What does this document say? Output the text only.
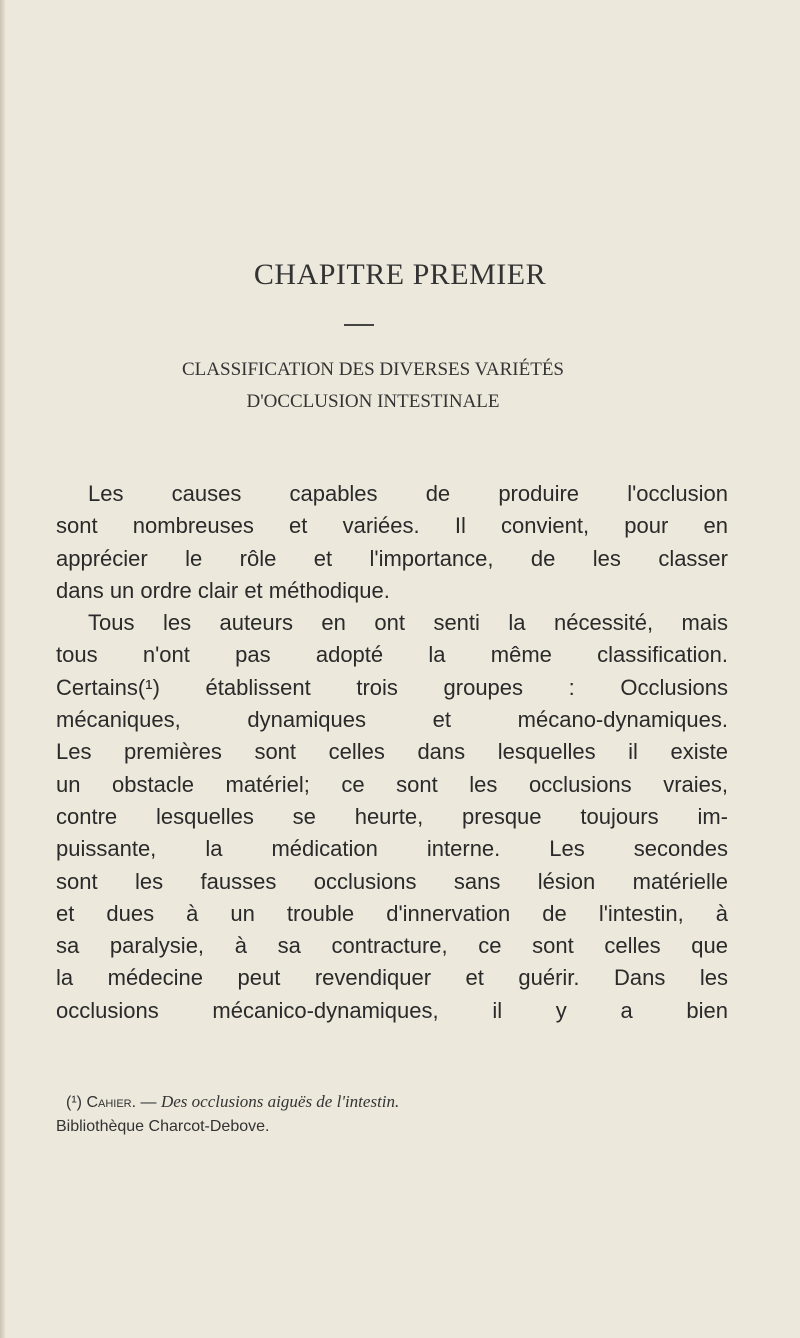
CHAPITRE PREMIER
CLASSIFICATION DES DIVERSES VARIÉTÉS
D'OCCLUSION INTESTINALE
Les causes capables de produire l'occlusion
sont nombreuses et variées. Il convient, pour en
apprécier le rôle et l'importance, de les classer
dans un ordre clair et méthodique.
Tous les auteurs en ont senti la nécessité, mais
tous n'ont pas adopté la même classification.
Certains(¹) établissent trois groupes : Occlusions
mécaniques, dynamiques et mécano-dynamiques.
Les premières sont celles dans lesquelles il existe
un obstacle matériel; ce sont les occlusions vraies,
contre lesquelles se heurte, presque toujours im-
puissante, la médication interne. Les secondes
sont les fausses occlusions sans lésion matérielle
et dues à un trouble d'innervation de l'intestin, à
sa paralysie, à sa contracture, ce sont celles que
la médecine peut revendiquer et guérir. Dans les
occlusions mécanico-dynamiques, il y a bien
(¹) Cahier. — Des occlusions aiguës de l'intestin.
Bibliothèque Charcot-Debove.
